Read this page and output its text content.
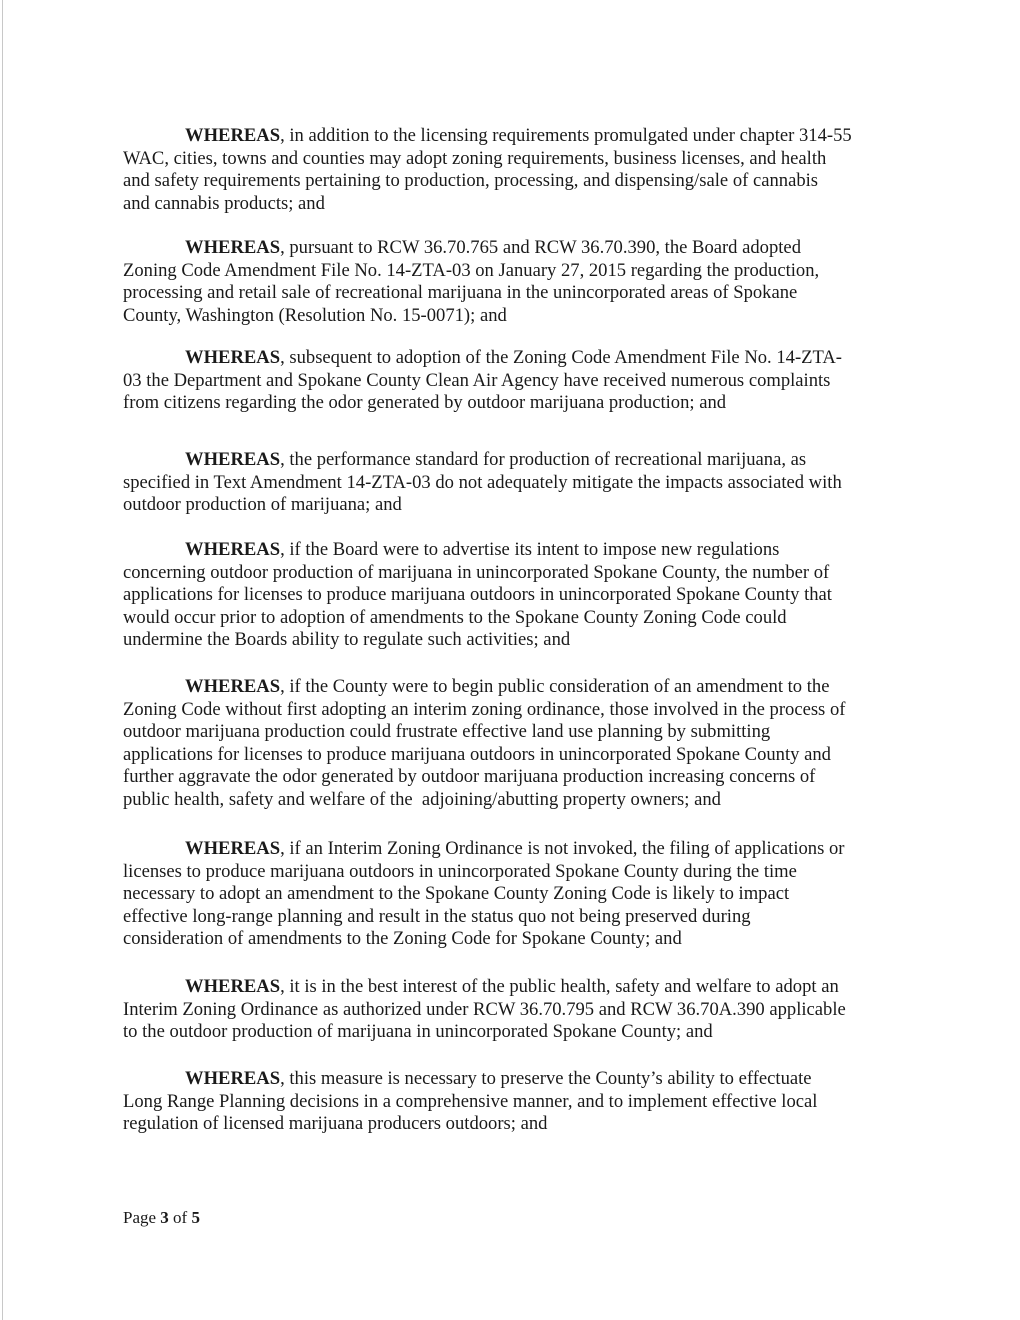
WHEREAS, in addition to the licensing requirements promulgated under chapter 314-55
WAC, cities, towns and counties may adopt zoning requirements, business licenses, and health
and safety requirements pertaining to production, processing, and dispensing/sale of cannabis
and cannabis products; and
WHEREAS, pursuant to RCW 36.70.765 and RCW 36.70.390, the Board adopted
Zoning Code Amendment File No. 14-ZTA-03 on January 27, 2015 regarding the production,
processing and retail sale of recreational marijuana in the unincorporated areas of Spokane
County, Washington (Resolution No. 15-0071); and
WHEREAS, subsequent to adoption of the Zoning Code Amendment File No. 14-ZTA-
03 the Department and Spokane County Clean Air Agency have received numerous complaints
from citizens regarding the odor generated by outdoor marijuana production; and
WHEREAS, the performance standard for production of recreational marijuana, as
specified in Text Amendment 14-ZTA-03 do not adequately mitigate the impacts associated with
outdoor production of marijuana; and
WHEREAS, if the Board were to advertise its intent to impose new regulations
concerning outdoor production of marijuana in unincorporated Spokane County, the number of
applications for licenses to produce marijuana outdoors in unincorporated Spokane County that
would occur prior to adoption of amendments to the Spokane County Zoning Code could
undermine the Boards ability to regulate such activities; and
WHEREAS, if the County were to begin public consideration of an amendment to the
Zoning Code without first adopting an interim zoning ordinance, those involved in the process of
outdoor marijuana production could frustrate effective land use planning by submitting
applications for licenses to produce marijuana outdoors in unincorporated Spokane County and
further aggravate the odor generated by outdoor marijuana production increasing concerns of
public health, safety and welfare of the  adjoining/abutting property owners; and
WHEREAS, if an Interim Zoning Ordinance is not invoked, the filing of applications or
licenses to produce marijuana outdoors in unincorporated Spokane County during the time
necessary to adopt an amendment to the Spokane County Zoning Code is likely to impact
effective long-range planning and result in the status quo not being preserved during
consideration of amendments to the Zoning Code for Spokane County; and
WHEREAS, it is in the best interest of the public health, safety and welfare to adopt an
Interim Zoning Ordinance as authorized under RCW 36.70.795 and RCW 36.70A.390 applicable
to the outdoor production of marijuana in unincorporated Spokane County; and
WHEREAS, this measure is necessary to preserve the County’s ability to effectuate
Long Range Planning decisions in a comprehensive manner, and to implement effective local
regulation of licensed marijuana producers outdoors; and
Page 3 of 5
